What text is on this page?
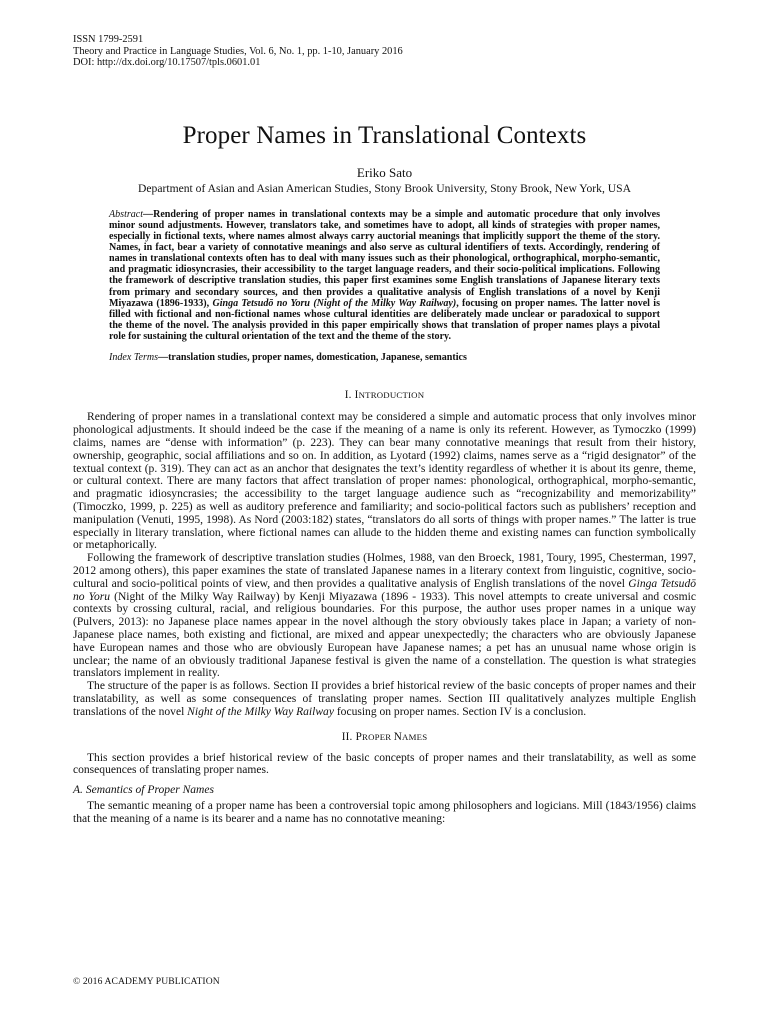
ISSN 1799-2591
Theory and Practice in Language Studies, Vol. 6, No. 1, pp. 1-10, January 2016
DOI: http://dx.doi.org/10.17507/tpls.0601.01
Proper Names in Translational Contexts
Eriko Sato
Department of Asian and Asian American Studies, Stony Brook University, Stony Brook, New York, USA
Abstract—Rendering of proper names in translational contexts may be a simple and automatic procedure that only involves minor sound adjustments. However, translators take, and sometimes have to adopt, all kinds of strategies with proper names, especially in fictional texts, where names almost always carry auctorial meanings that implicitly support the theme of the story. Names, in fact, bear a variety of connotative meanings and also serve as cultural identifiers of texts. Accordingly, rendering of names in translational contexts often has to deal with many issues such as their phonological, orthographical, morpho-semantic, and pragmatic idiosyncrasies, their accessibility to the target language readers, and their socio-political implications. Following the framework of descriptive translation studies, this paper first examines some English translations of Japanese literary texts from primary and secondary sources, and then provides a qualitative analysis of English translations of a novel by Kenji Miyazawa (1896-1933), Ginga Tetsudō no Yoru (Night of the Milky Way Railway), focusing on proper names. The latter novel is filled with fictional and non-fictional names whose cultural identities are deliberately made unclear or paradoxical to support the theme of the novel. The analysis provided in this paper empirically shows that translation of proper names plays a pivotal role for sustaining the cultural orientation of the text and the theme of the story.
Index Terms—translation studies, proper names, domestication, Japanese, semantics
I. INTRODUCTION

Rendering of proper names in a translational context may be considered a simple and automatic process that only involves minor phonological adjustments. It should indeed be the case if the meaning of a name is only its referent. However, as Tymoczko (1999) claims, names are “dense with information” (p. 223). They can bear many connotative meanings that result from their history, ownership, geographic, social affiliations and so on. In addition, as Lyotard (1992) claims, names serve as a “rigid designator” of the textual context (p. 319). They can act as an anchor that designates the text’s identity regardless of whether it is about its genre, theme, or cultural context. There are many factors that affect translation of proper names: phonological, orthographical, morpho-semantic, and pragmatic idiosyncrasies; the accessibility to the target language audience such as “recognizability and memorizability” (Timoczko, 1999, p. 225) as well as auditory preference and familiarity; and socio-political factors such as publishers’ reception and manipulation (Venuti, 1995, 1998). As Nord (2003:182) states, “translators do all sorts of things with proper names.” The latter is true especially in literary translation, where fictional names can allude to the hidden theme and existing names can function symbolically or metaphorically.

Following the framework of descriptive translation studies (Holmes, 1988, van den Broeck, 1981, Toury, 1995, Chesterman, 1997, 2012 among others), this paper examines the state of translated Japanese names in a literary context from linguistic, cognitive, socio-cultural and socio-political points of view, and then provides a qualitative analysis of English translations of the novel Ginga Tetsudō no Yoru (Night of the Milky Way Railway) by Kenji Miyazawa (1896 - 1933). This novel attempts to create universal and cosmic contexts by crossing cultural, racial, and religious boundaries. For this purpose, the author uses proper names in a unique way (Pulvers, 2013): no Japanese place names appear in the novel although the story obviously takes place in Japan; a variety of non-Japanese place names, both existing and fictional, are mixed and appear unexpectedly; the characters who are obviously Japanese have European names and those who are obviously European have Japanese names; a pet has an unusual name whose origin is unclear; the name of an obviously traditional Japanese festival is given the name of a constellation. The question is what strategies translators implement in reality.

The structure of the paper is as follows. Section II provides a brief historical review of the basic concepts of proper names and their translatability, as well as some consequences of translating proper names. Section III qualitatively analyzes multiple English translations of the novel Night of the Milky Way Railway focusing on proper names. Section IV is a conclusion.

II. PROPER NAMES

This section provides a brief historical review of the basic concepts of proper names and their translatability, as well as some consequences of translating proper names.

A. Semantics of Proper Names

The semantic meaning of a proper name has been a controversial topic among philosophers and logicians. Mill (1843/1956) claims that the meaning of a name is its bearer and a name has no connotative meaning:

© 2016 ACADEMY PUBLICATION
